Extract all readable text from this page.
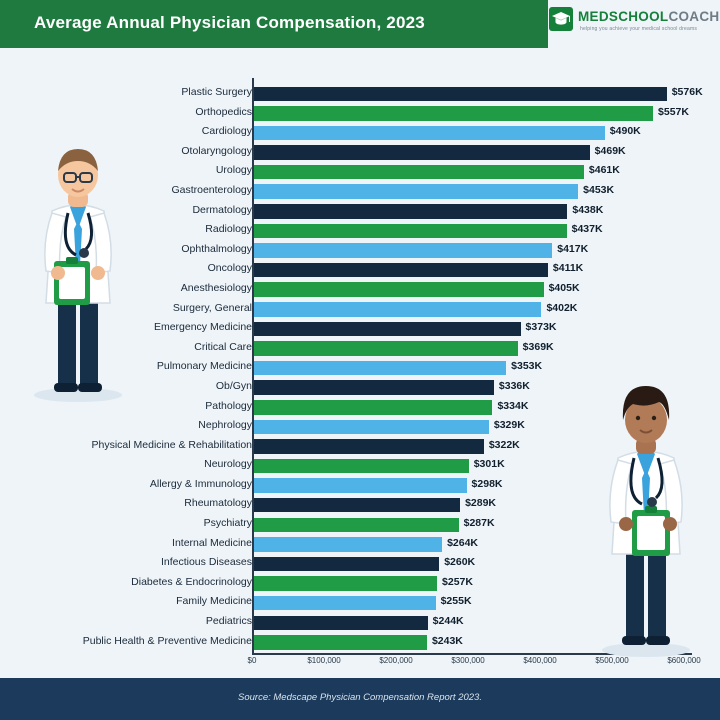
Average Annual Physician Compensation, 2023	MEDSCHOOLCOACH
helping you achieve your medical school dreams
Plastic Surgery	$576K
Orthopedics	$557K
Cardiology	$490K
Otolaryngology	$469K
Urology	$461K
Gastroenterology	$453K
Dermatology	$438K
Radiology	$437K
Ophthalmology	$417K
Oncology	$411K
Anesthesiology	$405K
Surgery, General	$402K
Emergency Medicine	$373K
Critical Care	$369K
Pulmonary Medicine	$353K
Ob/Gyn	$336K
Pathology	$334K
Nephrology	$329K
Physical Medicine & Rehabilitation	$322K
Neurology	$301K
Allergy & Immunology	$298K
Rheumatology	$289K
Psychiatry	$287K
Internal Medicine	$264K
Infectious Diseases	$260K
Diabetes & Endocrinology	$257K
Family Medicine	$255K
Pediatrics	$244K
Public Health & Preventive Medicine	$243K
$0	$100,000	$200,000	$300,000	$400,000	$500,000	$600,000
Source: Medscape Physician Compensation Report 2023.
